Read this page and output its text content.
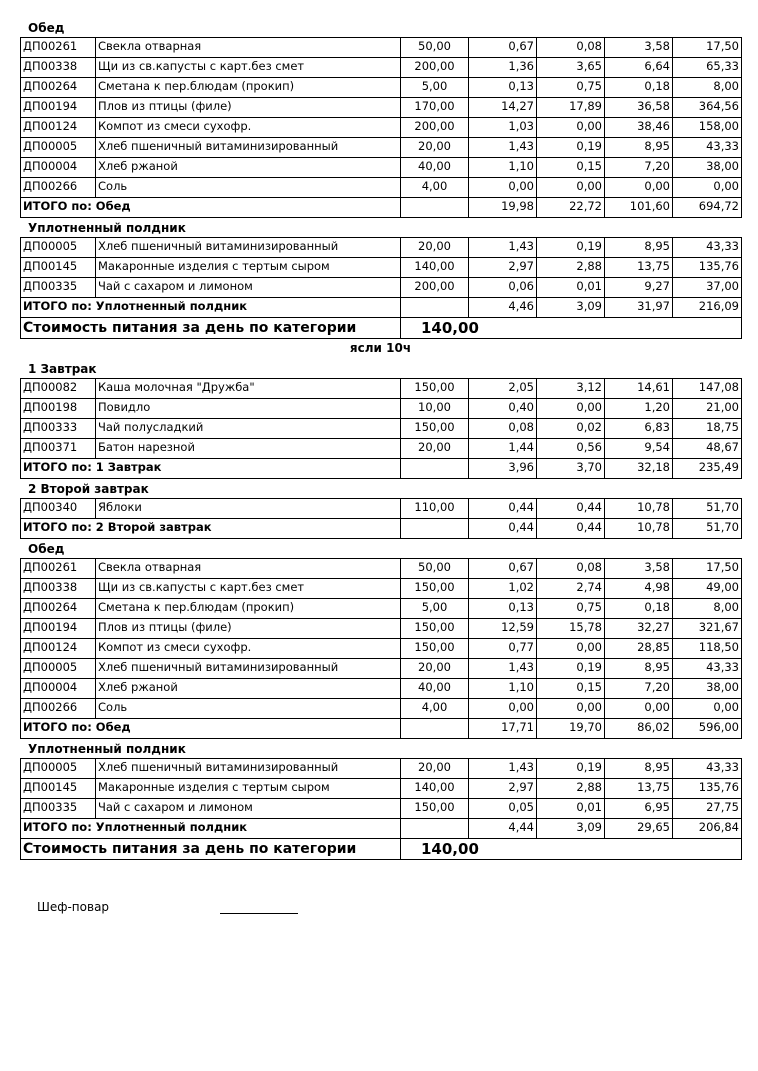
Обед
ДП00261	Свекла отварная	50,00	0,67	0,08	3,58	17,50
ДП00338	Щи из св.капусты с карт.без смет	200,00	1,36	3,65	6,64	65,33
ДП00264	Сметана к пер.блюдам (прокип)	5,00	0,13	0,75	0,18	8,00
ДП00194	Плов из птицы (филе)	170,00	14,27	17,89	36,58	364,56
ДП00124	Компот из смеси сухофр.	200,00	1,03	0,00	38,46	158,00
ДП00005	Хлеб пшеничный витаминизированный	20,00	1,43	0,19	8,95	43,33
ДП00004	Хлеб ржаной	40,00	1,10	0,15	7,20	38,00
ДП00266	Соль	4,00	0,00	0,00	0,00	0,00
ИТОГО по: Обед			19,98	22,72	101,60	694,72
Уплотненный полдник
ДП00005	Хлеб пшеничный витаминизированный	20,00	1,43	0,19	8,95	43,33
ДП00145	Макаронные изделия с тертым сыром	140,00	2,97	2,88	13,75	135,76
ДП00335	Чай с сахаром и лимоном	200,00	0,06	0,01	9,27	37,00
ИТОГО по: Уплотненный полдник			4,46	3,09	31,97	216,09
Стоимость питания за день по категории		140,00				
ясли 10ч
1 Завтрак
ДП00082	Каша молочная "Дружба"	150,00	2,05	3,12	14,61	147,08
ДП00198	Повидло	10,00	0,40	0,00	1,20	21,00
ДП00333	Чай полусладкий	150,00	0,08	0,02	6,83	18,75
ДП00371	Батон нарезной	20,00	1,44	0,56	9,54	48,67
ИТОГО по: 1 Завтрак			3,96	3,70	32,18	235,49
2 Второй завтрак
ДП00340	Яблоки	110,00	0,44	0,44	10,78	51,70
ИТОГО по: 2 Второй завтрак			0,44	0,44	10,78	51,70
Обед
ДП00261	Свекла отварная	50,00	0,67	0,08	3,58	17,50
ДП00338	Щи из св.капусты с карт.без смет	150,00	1,02	2,74	4,98	49,00
ДП00264	Сметана к пер.блюдам (прокип)	5,00	0,13	0,75	0,18	8,00
ДП00194	Плов из птицы (филе)	150,00	12,59	15,78	32,27	321,67
ДП00124	Компот из смеси сухофр.	150,00	0,77	0,00	28,85	118,50
ДП00005	Хлеб пшеничный витаминизированный	20,00	1,43	0,19	8,95	43,33
ДП00004	Хлеб ржаной	40,00	1,10	0,15	7,20	38,00
ДП00266	Соль	4,00	0,00	0,00	0,00	0,00
ИТОГО по: Обед			17,71	19,70	86,02	596,00
Уплотненный полдник
ДП00005	Хлеб пшеничный витаминизированный	20,00	1,43	0,19	8,95	43,33
ДП00145	Макаронные изделия с тертым сыром	140,00	2,97	2,88	13,75	135,76
ДП00335	Чай с сахаром и лимоном	150,00	0,05	0,01	6,95	27,75
ИТОГО по: Уплотненный полдник			4,44	3,09	29,65	206,84
Стоимость питания за день по категории		140,00				
Шеф-повар
